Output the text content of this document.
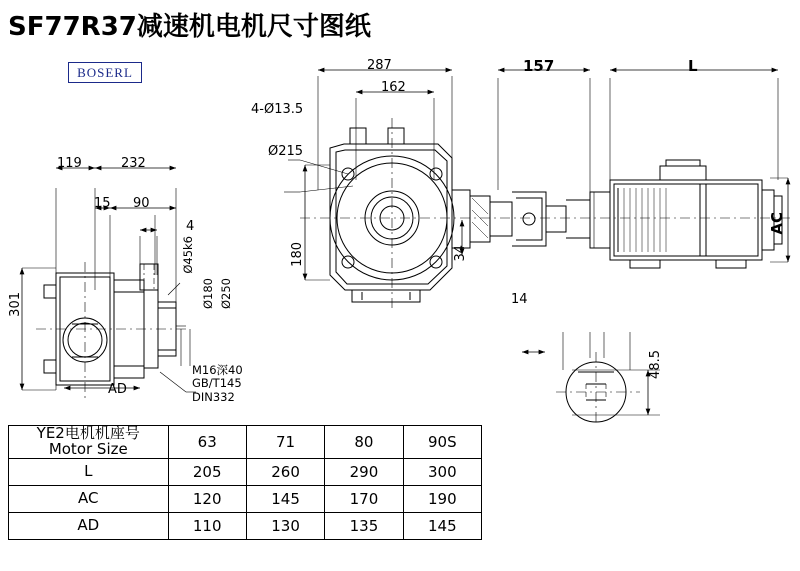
SF77R37减速机电机尺寸图纸
BOSERL
119	232
15 90
4
301
AD
Ø45k6
Ø180 Ø250
M16深40
GB/T145
DIN332
287
162
4-Ø13.5
Ø215
180	34
157	L
AC
14
48.5
YE2电机机座号
Motor Size	63	71	80	90S
L	205	260	290	300
AC	120	145	170	190
AD	110	130	135	145
